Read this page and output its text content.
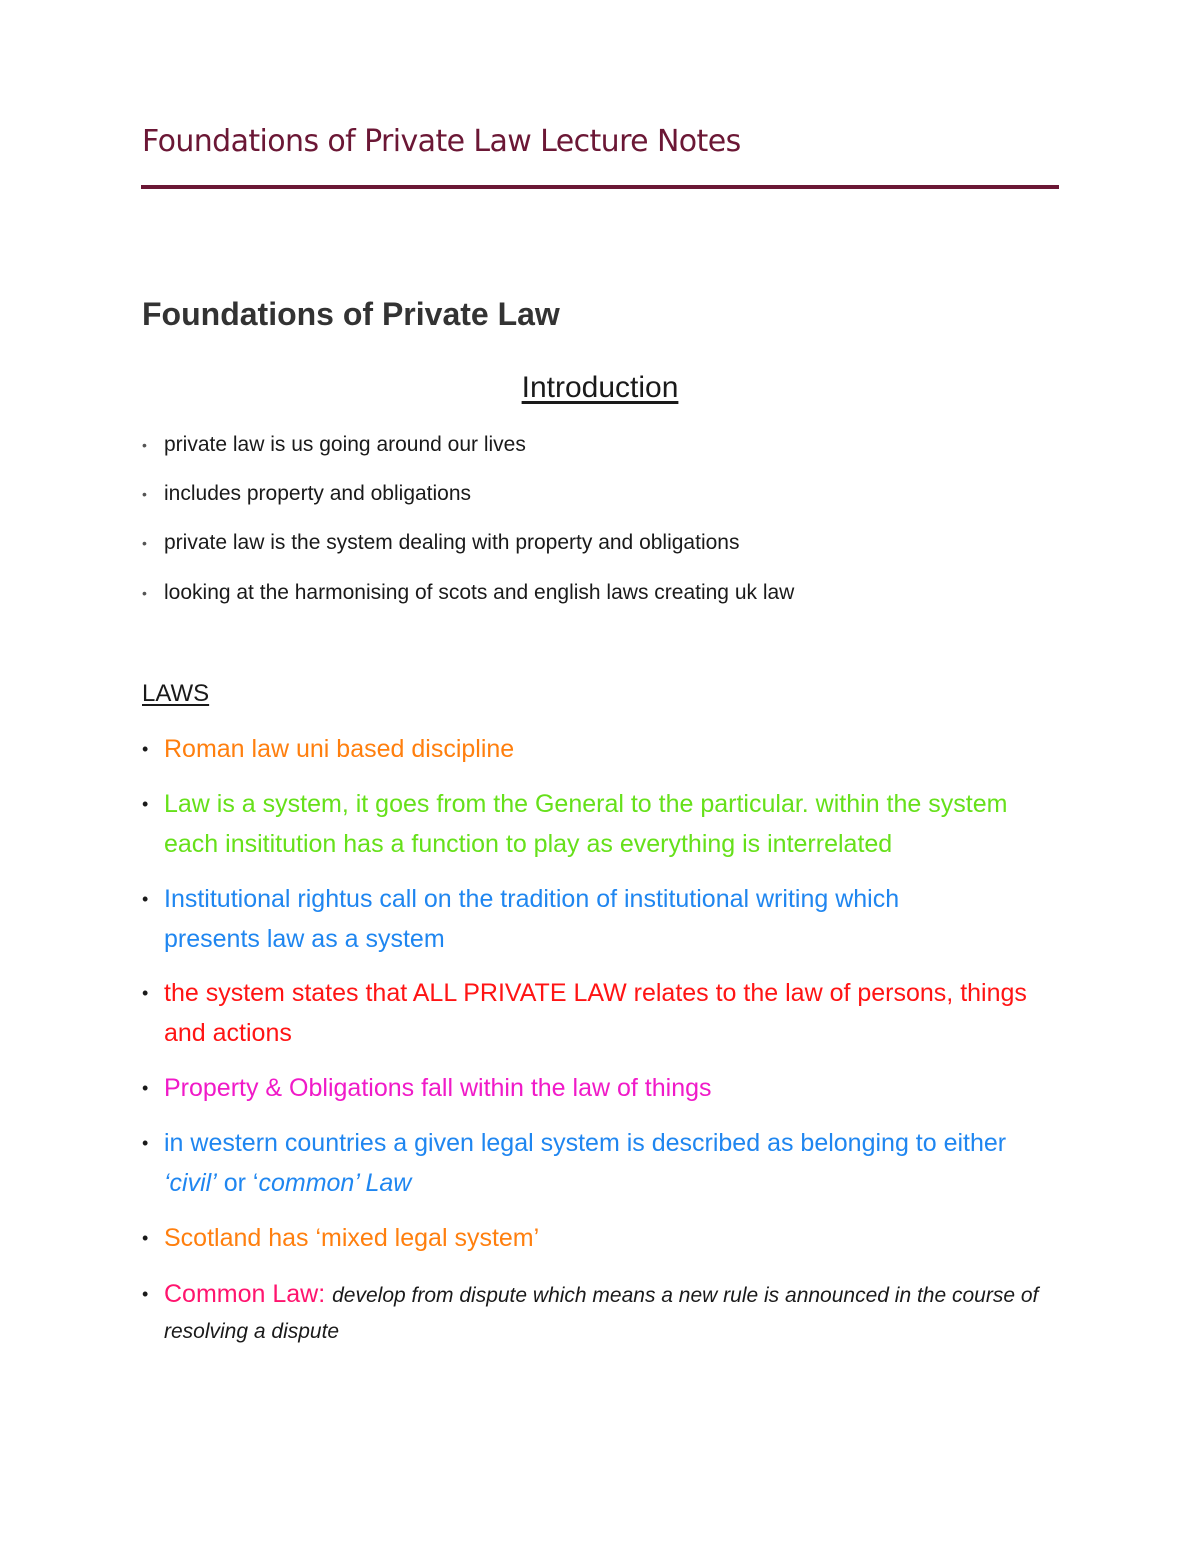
Foundations of Private Law Lecture Notes
Foundations of Private Law
Introduction
• private law is us going around our lives
• includes property and obligations
• private law is the system dealing with property and obligations
• looking at the harmonising of scots and english laws creating uk law
LAWS
• Roman law uni based discipline
• Law is a system, it goes from the General to the particular. within the system each insititution has a function to play as everything is interrelated
• Institutional rightus call on the tradition of institutional writing which presents law as a system
• the system states that ALL PRIVATE LAW relates to the law of persons, things and actions
• Property & Obligations fall within the law of things
• in western countries a given legal system is described as belonging to either ‘civil’ or ‘common’ Law
• Scotland has ‘mixed legal system’
• Common Law: develop from dispute which means a new rule is announced in the course of resolving a dispute
